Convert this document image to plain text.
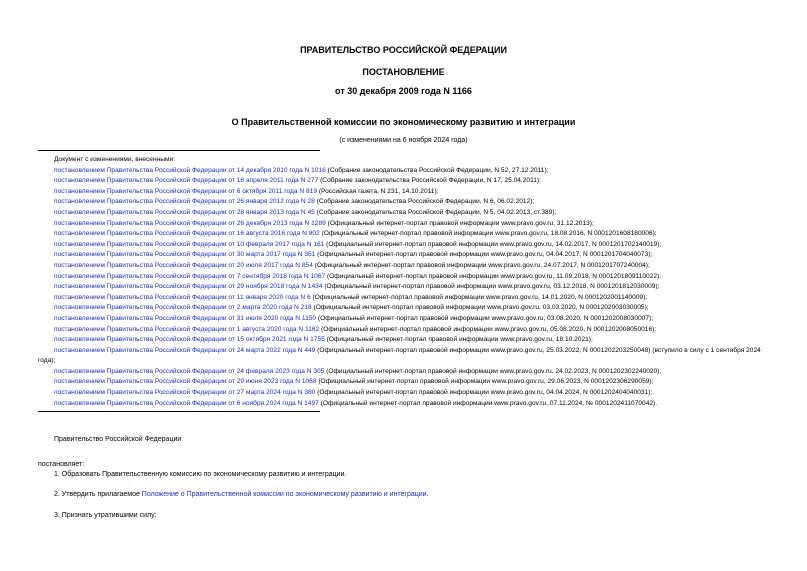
ПРАВИТЕЛЬСТВО РОССИЙСКОЙ ФЕДЕРАЦИИ
ПОСТАНОВЛЕНИЕ
от 30 декабря 2009 года N 1166
О Правительственной комиссии по экономическому развитию и интеграции
(с изменениями на 6 ноября 2024 года)
Документ с изменениями, внесенными:
постановлением Правительства Российской Федерации от 14 декабря 2010 года N 1016 (Собрание законодательства Российской Федерации, N 52, 27.12.2011);
постановлением Правительства Российской Федерации от 16 апреля 2011 года N 277 (Собрание законодательства Российской Федерации, N 17, 25.04.2011);
постановлением Правительства Российской Федерации от 6 октября 2011 года N 819 (Российская газета, N 231, 14.10.2011);
постановлением Правительства Российской Федерации от 26 января 2012 года N 28 (Собрание законодательства Российской Федерации, N 6, 06.02.2012);
постановлением Правительства Российской Федерации от 28 января 2013 года N 45 (Собрание законодательства Российской Федерации, N 5, 04.02.2013, ст.389);
постановлением Правительства Российской Федерации от 26 декабря 2013 года N 1289 (Официальный интернет-портал правовой информации www.pravo.gov.ru, 31.12.2013);
постановлением Правительства Российской Федерации от 16 августа 2016 года N 802 (Официальный интернет-портал правовой информации www.pravo.gov.ru, 18.08.2016, N 0001201608180006);
постановлением Правительства Российской Федерации от 10 февраля 2017 года N 161 (Официальный интернет-портал правовой информации www.pravo.gov.ru, 14.02.2017, N 0001201702140019);
постановлением Правительства Российской Федерации от 30 марта 2017 года N 351 (Официальный интернет-портал правовой информации www.pravo.gov.ru, 04.04.2017, N 0001201704040073);
постановлением Правительства Российской Федерации от 20 июля 2017 года N 854 (Официальный интернет-портал правовой информации www.pravo.gov.ru, 24.07.2017, N 0001201707240004);
постановлением Правительства Российской Федерации от 7 сентября 2018 года N 1067 (Официальный интернет-портал правовой информации www.pravo.gov.ru, 11.09.2018, N 0001201809110022);
постановлением Правительства Российской Федерации от 29 ноября 2018 года N 1434 (Официальный интернет-портал правовой информации www.pravo.gov.ru, 03.12.2018, N 0001201812030009);
постановлением Правительства Российской Федерации от 11 января 2020 года N 6 (Официальный интернет-портал правовой информации www.pravo.gov.ru, 14.01.2020, N 0001202001140009);
постановлением Правительства Российской Федерации от 2 марта 2020 года N 218 (Официальный интернет-портал правовой информации www.pravo.gov.ru, 03.03.2020, N 0001202003030005);
постановлением Правительства Российской Федерации от 31 июля 2020 года N 1150 (Официальный интернет-портал правовой информации www.pravo.gov.ru, 03.08.2020, N 0001202008030007);
постановлением Правительства Российской Федерации от 1 августа 2020 года N 1162 (Официальный интернет-портал правовой информации www.pravo.gov.ru, 05.08.2020, N 0001202008050016);
постановлением Правительства Российской Федерации от 15 октября 2021 года N 1755 (Официальный интернет-портал правовой информации www.pravo.gov.ru, 18.10.2021);
постановлением Правительства Российской Федерации от 24 марта 2022 года N 449 (Официальный интернет-портал правовой информации www.pravo.gov.ru, 25.03.2022, N 0001202203250048) (вступило в силу с 1 сентября 2024 года);
постановлением Правительства Российской Федерации от 24 февраля 2023 года N 305 (Официальный интернет-портал правовой информации www.pravo.gov.ru, 24.02.2023, N 0001202302240020);
постановлением Правительства Российской Федерации от 29 июня 2023 года N 1068 (Официальный интернет-портал правовой информации www.pravo.gov.ru, 29.06.2023, N 0001202306290059);
постановлением Правительства Российской Федерации от 27 марта 2024 года N 380 (Официальный интернет-портал правовой информации www.pravo.gov.ru, 04.04.2024, N 0001202404040031);
постановлением Правительства Российской Федерации от 6 ноября 2024 года N 1497 (Официальный интернет-портал правовой информации www.pravo.gov.ru, 07.11.2024, № 0001202411070042).
Правительство Российской Федерации
постановляет:
1. Образовать Правительственную комиссию по экономическому развитию и интеграции.
2. Утвердить прилагаемое Положение о Правительственной комиссии по экономическому развитию и интеграции.
3. Признать утратившими силу:
